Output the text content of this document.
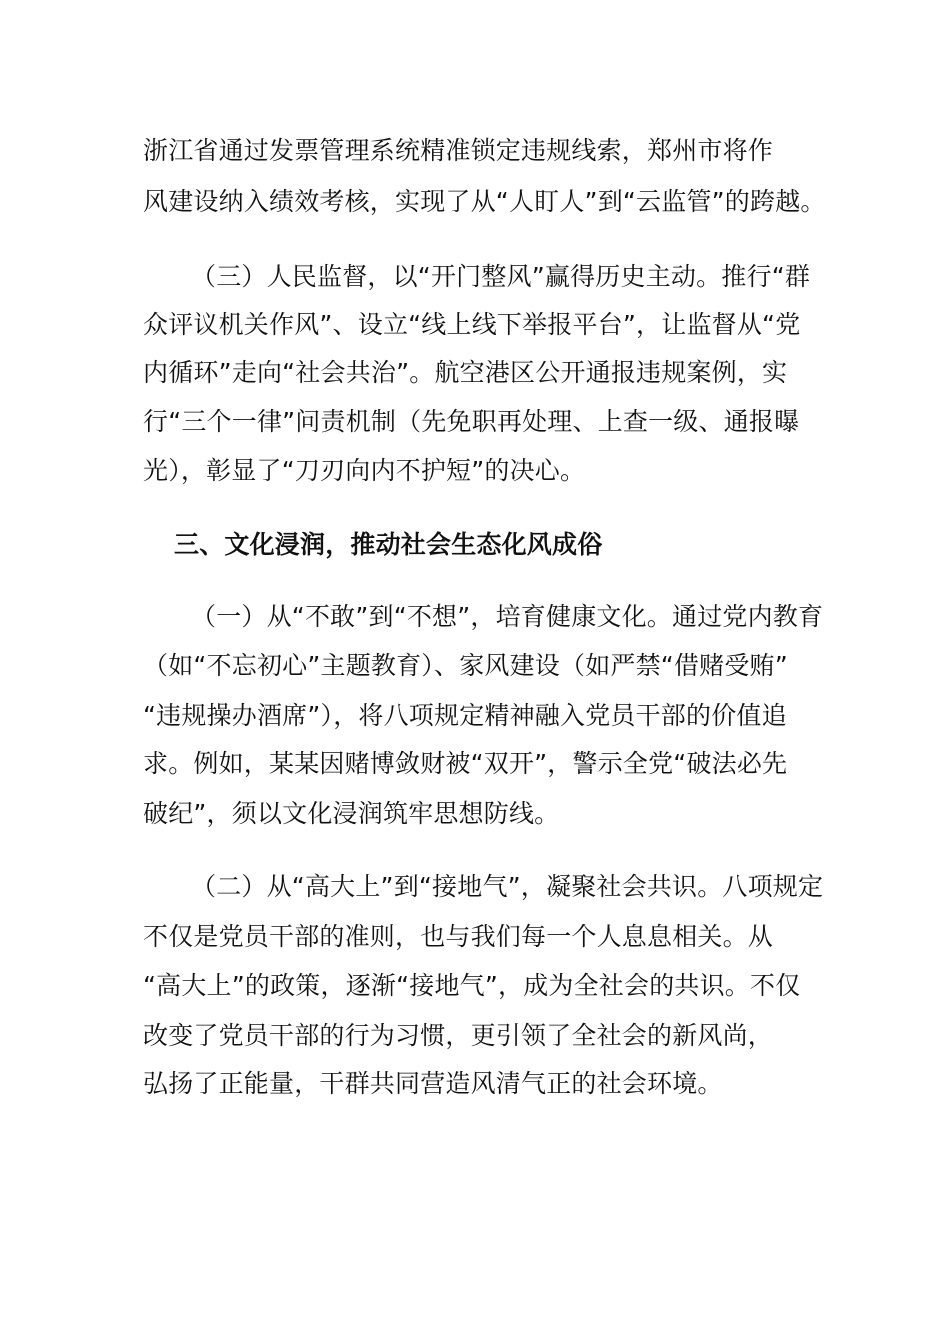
浙江省通过发票管理系统精准锁定违规线索，郑州市将作
风建设纳入绩效考核，实现了从“人盯人”到“云监管”的跨越。
（三）人民监督，以“开门整风”赢得历史主动。推行“群
众评议机关作风”、设立“线上线下举报平台”，让监督从“党
内循环”走向“社会共治”。航空港区公开通报违规案例，实
行“三个一律”问责机制（先免职再处理、上查一级、通报曝
光），彰显了“刀刃向内不护短”的决心。
三、文化浸润，推动社会生态化风成俗
（一）从“不敢”到“不想”，培育健康文化。通过党内教育
（如“不忘初心”主题教育）、家风建设（如严禁“借赌受贿”
“违规操办酒席”），将八项规定精神融入党员干部的价值追
求。例如，某某因赌博敛财被“双开”，警示全党“破法必先
破纪”，须以文化浸润筑牢思想防线。
（二）从“高大上”到“接地气”，凝聚社会共识。八项规定
不仅是党员干部的准则，也与我们每一个人息息相关。从
“高大上”的政策，逐渐“接地气”，成为全社会的共识。不仅
改变了党员干部的行为习惯，更引领了全社会的新风尚，
弘扬了正能量，干群共同营造风清气正的社会环境。
